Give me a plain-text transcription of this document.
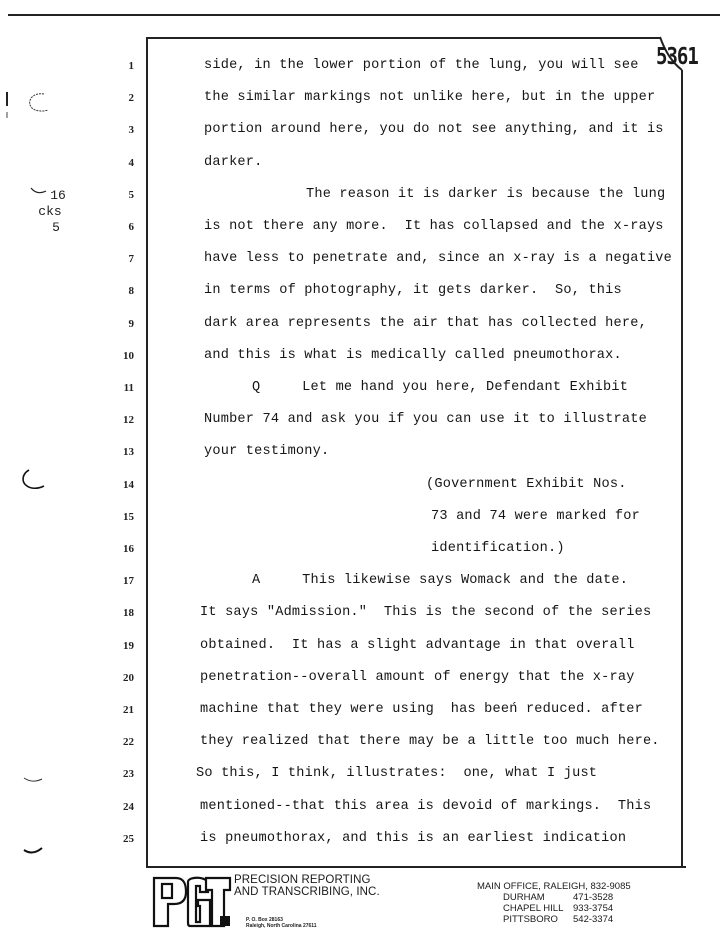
5361
1	side, in the lower portion of the lung, you will see
2	the similar markings not unlike here, but in the upper
3	portion around here, you do not see anything, and it is
4	darker.
5	The reason it is darker is because the lung
6	is not there any more.  It has collapsed and the x-rays
7	have less to penetrate and, since an x-ray is a negative
8	in terms of photography, it gets darker.  So, this
9	dark area represents the air that has collected here,
10	and this is what is medically called pneumothorax.
11	Q     Let me hand you here, Defendant Exhibit
12	Number 74 and ask you if you can use it to illustrate
13	your testimony.
14	(Government Exhibit Nos.
15	73 and 74 were marked for
16	identification.)
17	A     This likewise says Womack and the date.
18	It says "Admission."  This is the second of the series
19	obtained.  It has a slight advantage in that overall
20	penetration--overall amount of energy that the x-ray
21	machine that they were using  has beeń reduced. after
22	they realized that there may be a little too much here.
23	So this, I think, illustrates:  one, what I just
24	mentioned--that this area is devoid of markings.  This
25	is pneumothorax, and this is an earliest indication
16
cks
5
PRECISION REPORTING
AND TRANSCRIBING, INC.
P. O. Box 28163
Raleigh, North Carolina 27611
MAIN OFFICE, RALEIGH, 832-9085
DURHAM	471-3528
CHAPEL HILL	933-3754
PITTSBORO	542-3374
